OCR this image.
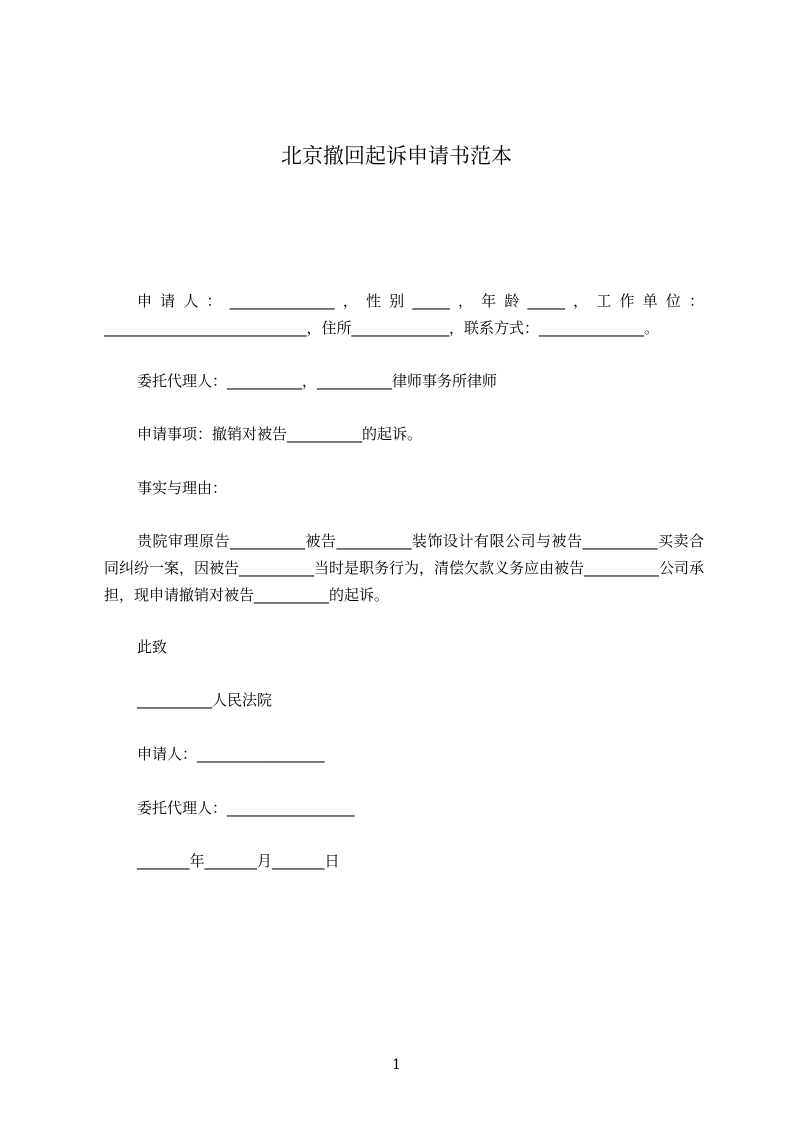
北京撤回起诉申请书范本
申请人：______________，性别_____，年龄_____，工作单位：___________________________，住所_____________，联系方式：______________。
委托代理人：__________，__________律师事务所律师
申请事项：撤销对被告__________的起诉。
事实与理由：
贵院审理原告__________被告__________装饰设计有限公司与被告__________买卖合同纠纷一案，因被告__________当时是职务行为，清偿欠款义务应由被告__________公司承担，现申请撤销对被告__________的起诉。
此致
__________人民法院
申请人：_________________
委托代理人：_________________
_______年_______月_______日
1
